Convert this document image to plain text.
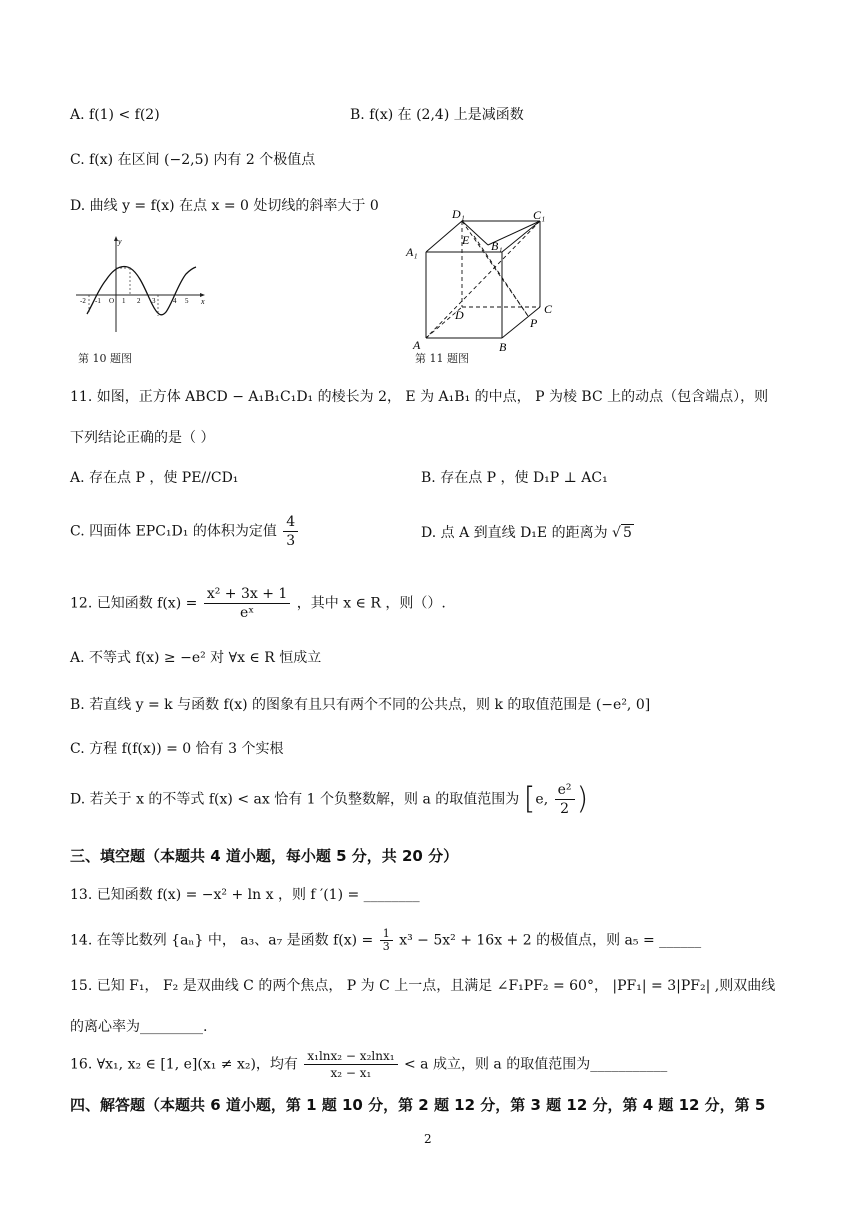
A. f(1) < f(2)	B. f(x) 在 (2,4) 上是减函数
C. f(x) 在区间 (−2,5) 内有 2 个极值点
D. 曲线 y = f(x) 在点 x = 0 处切线的斜率大于 0
y
x
-2 -1 O 1 2 3	4 5
第 10 题图
D₁	C₁
A₁
E B₁
D	C
A	B
P
第 11 题图
11. 如图，正方体 ABCD − A₁B₁C₁D₁ 的棱长为 2， E 为 A₁B₁ 的中点， P 为棱 BC 上的动点（包含端点），则
下列结论正确的是（ ）
A. 存在点 P ，使 PE//CD₁	B. 存在点 P ，使 D₁P ⊥ AC₁
C. 四面体 EPC₁D₁ 的体积为定值 $\frac{4}{3}$	D. 点 A 到直线 D₁E 的距离为 √ 5
12. 已知函数 $f(x) = \frac{\text{x² + 3x + 1}}{\text{eˣ}}$ ，其中 x ∈ R ，则（）.
A. 不等式 f(x) ≥ −e² 对 ∀x ∈ R 恒成立
B. 若直线 y = k 与函数 f(x) 的图象有且只有两个不同的公共点，则 k 的取值范围是 (−e², 0]
C. 方程 f(f(x)) = 0 恰有 3 个实根
D. 若关于 x 的不等式 f(x) < ax 恰有 1 个负整数解，则 a 的取值范围为 [e, $\frac{\text{e²}}{2}$ )
三、填空题（本题共 4 道小题，每小题 5 分，共 20 分）
13. 已知函数 f(x) = −x² + ln x ，则 f ′(1) = ________
14. 在等比数列 {aₙ} 中， a₃、a₇ 是函数 $f(x) = \frac{1}{3} x^3 - 5x^2 + 16x + 2$ 的极值点，则 a₅ = ______
15. 已知 F₁， F₂ 是双曲线 C 的两个焦点， P 为 C 上一点，且满足 ∠F₁PF₂ = 60°， |PF₁| = 3|PF₂| ,则双曲线
的离心率为_________.
16. ∀x₁, x₂ ∈ [1, e](x₁ ≠ x₂)，均有 $\frac{\text{x₁lnx₂ − x₂lnx₁}}{\text{x₂ − x₁}} < a$ 成立，则 a 的取值范围为___________
四、解答题（本题共 6 道小题，第 1 题 10 分，第 2 题 12 分，第 3 题 12 分，第 4 题 12 分，第 5
2
